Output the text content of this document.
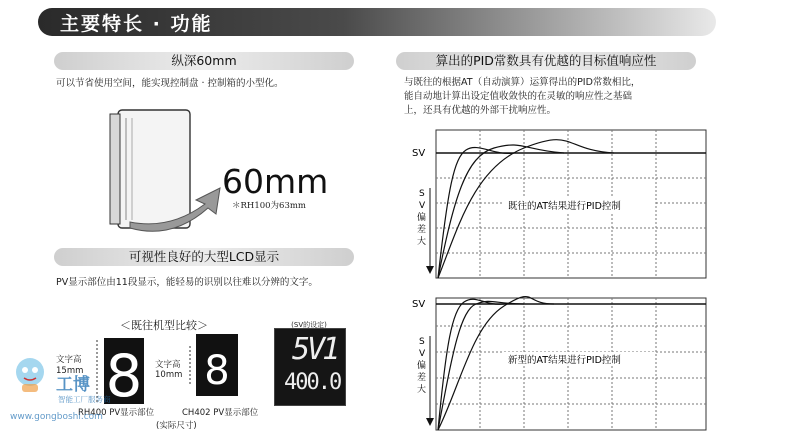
主要特长 · 功能
纵深60mm
可以节省使用空间，能实现控制盘 · 控制箱的小型化。
60mm
＊RH100为63mm
可视性良好的大型LCD显示
PV显示部位由11段显示，能轻易的识别以往难以分辨的文字。
＜既往机型比较＞
文字高
15mm 8
RH400 PV显示部位
文字高
10mm 8
CH402 PV显示部位
(实际尺寸)
(SV的设定)
5V1
400.0
算出的PID常数具有优越的目标值响应性
与既往的根据AT（自动演算）运算得出的PID常数相比，
能自动地计算出设定值收敛快的在灵敏的响应性之基础
上，还具有优越的外部干扰响应性。
SV
S
V
偏
差
大
既往的AT结果进行PID控制
SV
S
V
偏
差
大
新型的AT结果进行PID控制
工博
智能工厂服务商
www.gongboshi.com
